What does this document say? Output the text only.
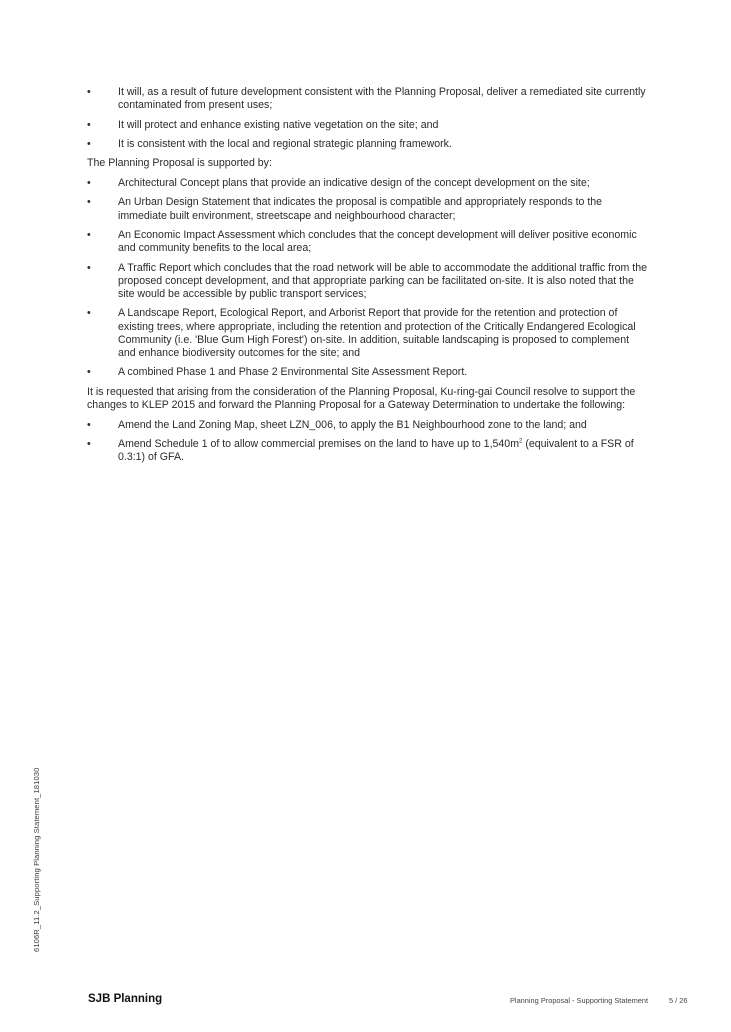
•	It will, as a result of future development consistent with the Planning Proposal, deliver a remediated site currently contaminated from present uses;
•	It will protect and enhance existing native vegetation on the site; and
•	It is consistent with the local and regional strategic planning framework.

The Planning Proposal is supported by:

•	Architectural Concept plans that provide an indicative design of the concept development on the site;
•	An Urban Design Statement that indicates the proposal is compatible and appropriately responds to the immediate built environment, streetscape and neighbourhood character;
•	An Economic Impact Assessment which concludes that the concept development will deliver positive economic and community benefits to the local area;
•	A Traffic Report which concludes that the road network will be able to accommodate the additional traffic from the proposed concept development, and that appropriate parking can be facilitated on-site. It is also noted that the site would be accessible by public transport services;
•	A Landscape Report, Ecological Report, and Arborist Report that provide for the retention and protection of existing trees, where appropriate, including the retention and protection of the Critically Endangered Ecological Community (i.e. 'Blue Gum High Forest') on-site. In addition, suitable landscaping is proposed to complement and enhance biodiversity outcomes for the site; and
•	A combined Phase 1 and Phase 2 Environmental Site Assessment Report.

It is requested that arising from the consideration of the Planning Proposal, Ku-ring-gai Council resolve to support the changes to KLEP 2015 and forward the Planning Proposal for a Gateway Determination to undertake the following:

•	Amend the Land Zoning Map, sheet LZN_006, to apply the B1 Neighbourhood zone to the land; and
•	Amend Schedule 1 of to allow commercial premises on the land to have up to $1,540m^2$ (equivalent to a FSR of 0.3:1) of GFA.
6106R_11.2_Supporting Planning Statement_181030
SJB Planning	Planning Proposal - Supporting Statement	5 / 26
